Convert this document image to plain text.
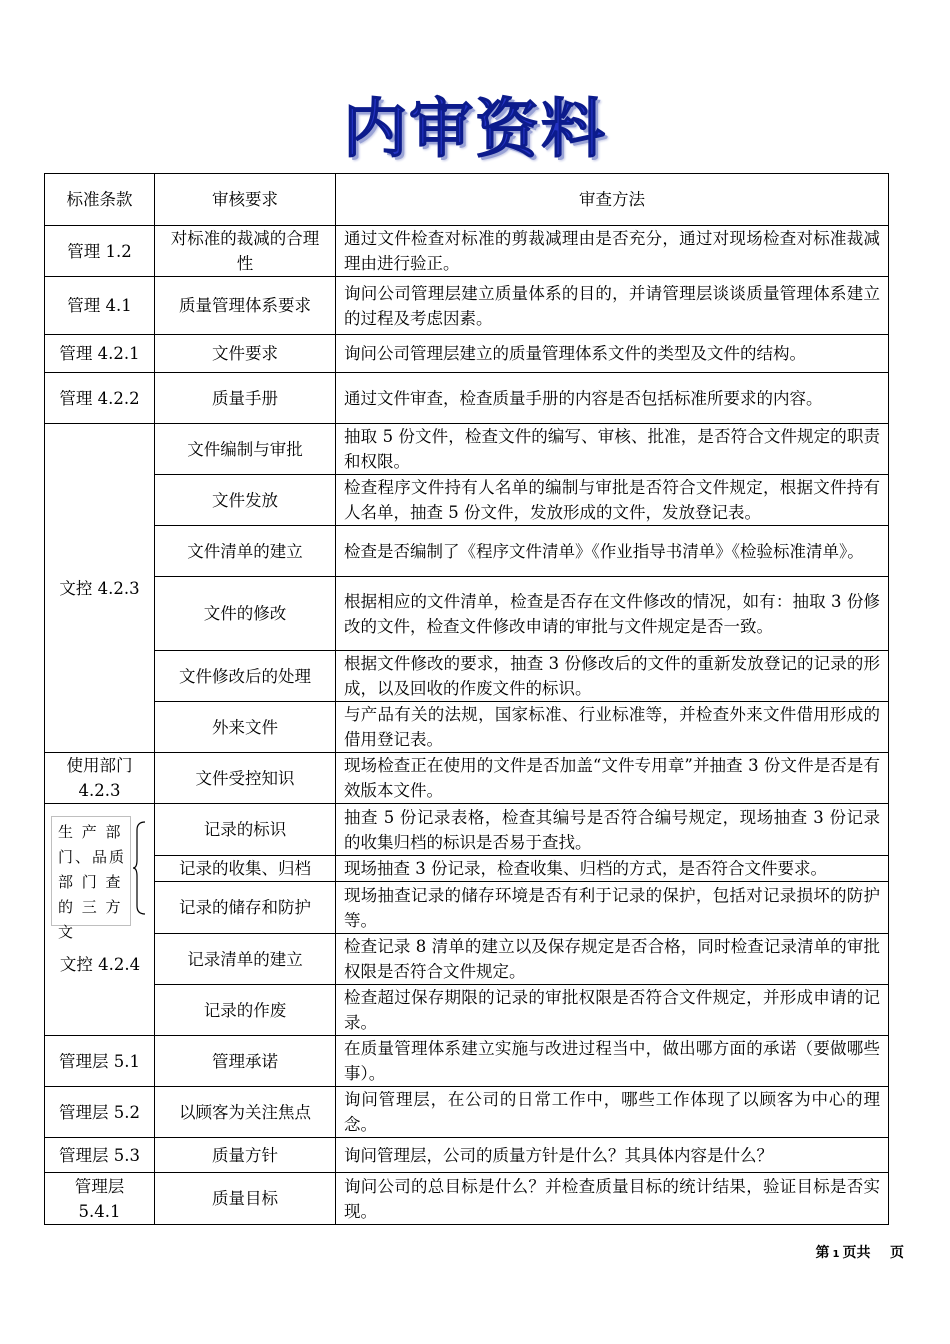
内审资料
标准条款	审核要求	审查方法
管理 1.2	对标准的裁减的合理性	通过文件检查对标准的剪裁减理由是否充分，通过对现场检查对标准裁减理由进行验正。
管理 4.1	质量管理体系要求	询问公司管理层建立质量体系的目的，并请管理层谈谈质量管理体系建立的过程及考虑因素。
管理 4.2.1	文件要求	询问公司管理层建立的质量管理体系文件的类型及文件的结构。
管理 4.2.2	质量手册	通过文件审查，检查质量手册的内容是否包括标准所要求的内容。
文控 4.2.3	文件编制与审批	抽取 5 份文件，检查文件的编写、审核、批准，是否符合文件规定的职责和权限。
	文件发放	检查程序文件持有人名单的编制与审批是否符合文件规定，根据文件持有人名单，抽查 5 份文件，发放形成的文件，发放登记表。
	文件清单的建立	检查是否编制了《程序文件清单》《作业指导书清单》《检验标准清单》。
	文件的修改	根据相应的文件清单，检查是否存在文件修改的情况，如有：抽取 3 份修改的文件，检查文件修改申请的审批与文件规定是否一致。
	文件修改后的处理	根据文件修改的要求，抽查 3 份修改后的文件的重新发放登记的记录的形成，以及回收的作废文件的标识。
	外来文件	与产品有关的法规，国家标准、行业标准等，并检查外来文件借用形成的借用登记表。
使用部门 4.2.3	文件受控知识	现场检查正在使用的文件是否加盖“文件专用章”并抽查 3 份文件是否是有效版本文件。

生 产 部 门、品质 部 门 查 的 三 方 文
文控 4.2.4	记录的标识	抽查 5 份记录表格，检查其编号是否符合编号规定，现场抽查 3 份记录的收集归档的标识是否易于查找。
	记录的收集、归档	现场抽查 3 份记录，检查收集、归档的方式，是否符合文件要求。
	记录的储存和防护	现场抽查记录的储存环境是否有利于记录的保护，包括对记录损坏的防护等。
	记录清单的建立	检查记录 8 清单的建立以及保存规定是否合格，同时检查记录清单的审批权限是否符合文件规定。
	记录的作废	检查超过保存期限的记录的审批权限是否符合文件规定，并形成申请的记录。
管理层 5.1	管理承诺	在质量管理体系建立实施与改进过程当中，做出哪方面的承诺（要做哪些事）。
管理层 5.2	以顾客为关注焦点	询问管理层，在公司的日常工作中，哪些工作体现了以顾客为中心的理念。
管理层 5.3	质量方针	询问管理层，公司的质量方针是什么？其具体内容是什么？
管理层 5.4.1	质量目标	询问公司的总目标是什么？并检查质量目标的统计结果，验证目标是否实现。
第 1 页共 页
